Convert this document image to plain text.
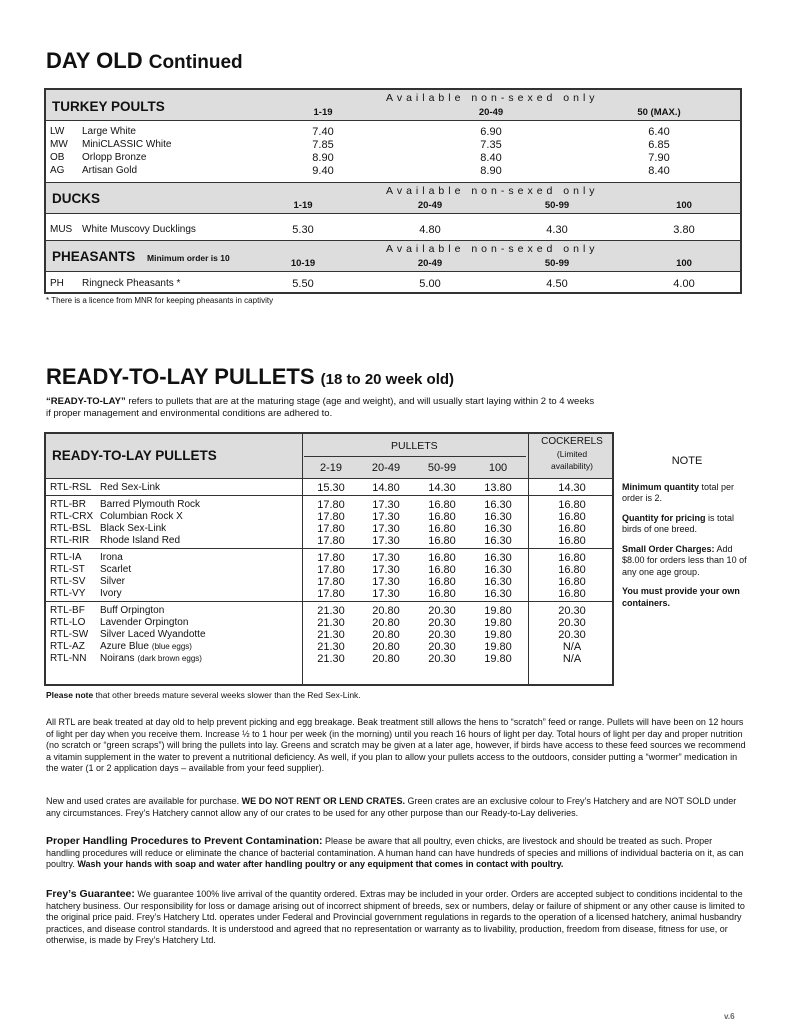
DAY OLD Continued
TURKEY POULTS
Available non-sexed only
1-19	20-49	50 (MAX.)
LW Large White	7.40	6.90	6.40
MW MiniCLASSIC White	7.85	7.35	6.85
OB Orlopp Bronze	8.90	8.40	7.90
AG Artisan Gold	9.40	8.90	8.40
DUCKS	Available non-sexed only
1-19	20-49	50-99	100
MUS White Muscovy Ducklings	5.30	4.80	4.30	3.80
PHEASANTS Minimum order is 10
Available non-sexed only
10-19	20-49	50-99	100
PH Ringneck Pheasants *	5.50	5.00	4.50	4.00
* There is a licence from MNR for keeping pheasants in captivity
READY-TO-LAY PULLETS (18 to 20 week old)
“READY-TO-LAY” refers to pullets that are at the maturing stage (age and weight), and will usually start laying within 2 to 4 weeks
if proper management and environmental conditions are adhered to.
READY-TO-LAY PULLETS
PULLETS
2-19	20-49	50-99	100
COCKERELS
(Limited
availability)
RTL-RSL Red Sex-Link	15.30 14.80	14.30	13.80	14.30
RTL-BR Barred Plymouth Rock	17.80 17.30	16.80	16.30	16.80
RTL-CRX Columbian Rock X	17.80 17.30	16.80	16.30	16.80
RTL-BSL Black Sex-Link	17.80 17.30	16.80	16.30	16.80
RTL-RIR Rhode Island Red	17.80 17.30	16.80	16.30	16.80
RTL-IA Irona	17.80 17.30	16.80	16.30	16.80
RTL-ST Scarlet	17.80 17.30	16.80	16.30	16.80
RTL-SV Silver	17.80 17.30	16.80	16.30	16.80
RTL-VY Ivory	17.80 17.30	16.80	16.30	16.80
RTL-BF Buff Orpington	21.30 20.80	20.30	19.80	20.30
RTL-LO Lavender Orpington	21.30 20.80	20.30	19.80	20.30
RTL-SW Silver Laced Wyandotte	21.30 20.80	20.30	19.80	20.30
RTL-AZ Azure Blue (blue eggs)	21.30 20.80	20.30	19.80	N/A
RTL-NN Noirans (dark brown eggs)	21.30 20.80	20.30	19.80	N/A
NOTE

Minimum quantity total per order is 2.

Quantity for pricing is total birds of one breed.

Small Order Charges: Add $8.00 for orders less than 10 of any one age group.

You must provide your own containers.

Please note that other breeds mature several weeks slower than the Red Sex-Link.
All RTL are beak treated at day old to help prevent picking and egg breakage. Beak treatment still allows the hens to “scratch” feed or range. Pullets will have been on 12 hours of light per day when you receive them. Increase ½ to 1 hour per week (in the morning) until you reach 16 hours of light per day. Total hours of light per day and proper nutrition (no scratch or “green scraps”) will bring the pullets into lay. Greens and scratch may be given at a later age, however, if birds have access to these feed sources we recommend a vitamin supplement in the water to prevent a nutritional deficiency. As well, if you plan to allow your pullets access to the outdoors, consider putting a “wormer” medication in the water (1 or 2 application days – available from your feed supplier).
New and used crates are available for purchase. WE DO NOT RENT OR LEND CRATES. Green crates are an exclusive colour to Frey’s Hatchery and are NOT SOLD under any circumstances. Frey’s Hatchery cannot allow any of our crates to be used for any other purpose than our Ready-to-Lay deliveries.
Proper Handling Procedures to Prevent Contamination: Please be aware that all poultry, even chicks, are livestock and should be treated as such. Proper handling procedures will reduce or eliminate the chance of bacterial contamination. A human hand can have hundreds of species and millions of individual bacteria on it, as can poultry. Wash your hands with soap and water after handling poultry or any equipment that comes in contact with poultry.
Frey’s Guarantee: We guarantee 100% live arrival of the quantity ordered. Extras may be included in your order. Orders are accepted subject to conditions incidental to the hatchery business. Our responsibility for loss or damage arising out of incorrect shipment of breeds, sex or numbers, delay or failure of shipment or any other cause is limited to the original price paid. Frey’s Hatchery Ltd. operates under Federal and Provincial government regulations in regards to the operation of a licensed hatchery, animal husbandry practices, and disease control standards. It is understood and agreed that no representation or warranty as to livability, production, freedom from disease, fitness for use, or otherwise, is made by Frey’s Hatchery Ltd.
v.6
